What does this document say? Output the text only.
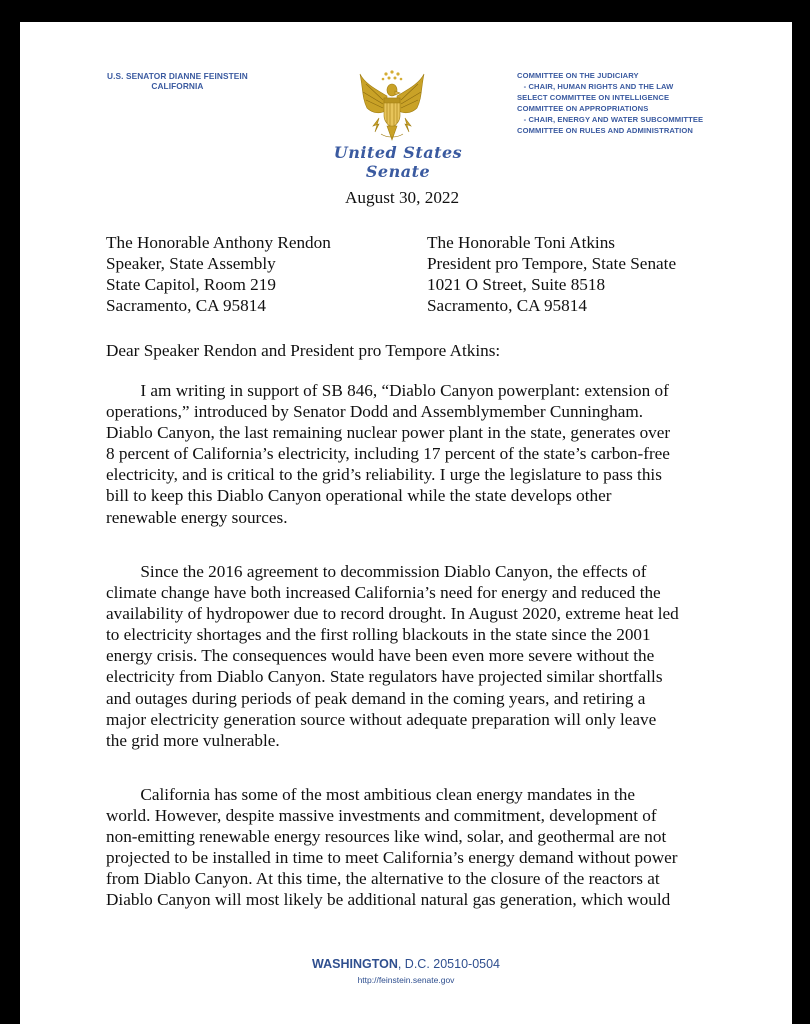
U.S. SENATOR DIANNE FEINSTEIN
CALIFORNIA
United States Senate
COMMITTEE ON THE JUDICIARY
- CHAIR, HUMAN RIGHTS AND THE LAW
SELECT COMMITTEE ON INTELLIGENCE
COMMITTEE ON APPROPRIATIONS
- CHAIR, ENERGY AND WATER SUBCOMMITTEE
COMMITTEE ON RULES AND ADMINISTRATION
August 30, 2022
The Honorable Anthony Rendon
Speaker, State Assembly
State Capitol, Room 219
Sacramento, CA 95814
The Honorable Toni Atkins
President pro Tempore, State Senate
1021 O Street, Suite 8518
Sacramento, CA 95814
Dear Speaker Rendon and President pro Tempore Atkins:
I am writing in support of SB 846, “Diablo Canyon powerplant: extension of
operations,” introduced by Senator Dodd and Assemblymember Cunningham.
Diablo Canyon, the last remaining nuclear power plant in the state, generates over
8 percent of California’s electricity, including 17 percent of the state’s carbon-free
electricity, and is critical to the grid’s reliability. I urge the legislature to pass this
bill to keep this Diablo Canyon operational while the state develops other
renewable energy sources.
Since the 2016 agreement to decommission Diablo Canyon, the effects of
climate change have both increased California’s need for energy and reduced the
availability of hydropower due to record drought. In August 2020, extreme heat led
to electricity shortages and the first rolling blackouts in the state since the 2001
energy crisis. The consequences would have been even more severe without the
electricity from Diablo Canyon. State regulators have projected similar shortfalls
and outages during periods of peak demand in the coming years, and retiring a
major electricity generation source without adequate preparation will only leave
the grid more vulnerable.
California has some of the most ambitious clean energy mandates in the
world. However, despite massive investments and commitment, development of
non-emitting renewable energy resources like wind, solar, and geothermal are not
projected to be installed in time to meet California’s energy demand without power
from Diablo Canyon. At this time, the alternative to the closure of the reactors at
Diablo Canyon will most likely be additional natural gas generation, which would
WASHINGTON, D.C. 20510-0504
http://feinstein.senate.gov
